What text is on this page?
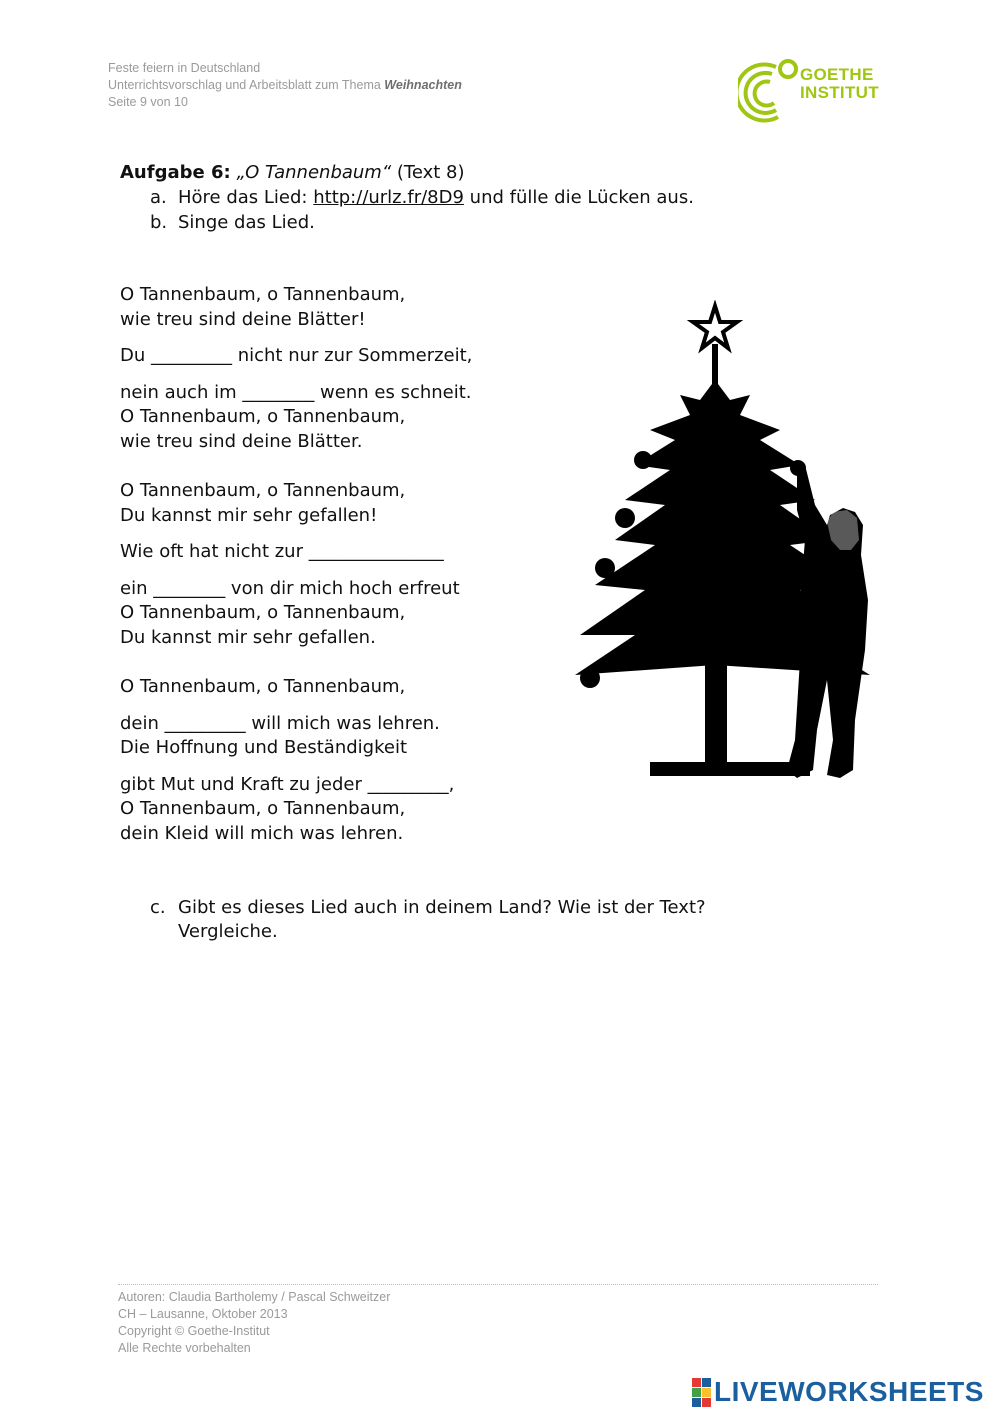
Feste feiern in Deutschland
Unterrichtsvorschlag und Arbeitsblatt zum Thema Weihnachten
Seite 9 von 10
GOETHE
INSTITUT
Aufgabe 6: „O Tannenbaum“ (Text 8)
a. Höre das Lied: http://urlz.fr/8D9 und fülle die Lücken aus.
b. Singe das Lied.
O Tannenbaum, o Tannenbaum,
wie treu sind deine Blätter!
Du _________ nicht nur zur Sommerzeit,
nein auch im ________ wenn es schneit.
O Tannenbaum, o Tannenbaum,
wie treu sind deine Blätter.
O Tannenbaum, o Tannenbaum,
Du kannst mir sehr gefallen!
Wie oft hat nicht zur _______________
ein ________ von dir mich hoch erfreut
O Tannenbaum, o Tannenbaum,
Du kannst mir sehr gefallen.
O Tannenbaum, o Tannenbaum,
dein _________ will mich was lehren.
Die Hoffnung und Beständigkeit
gibt Mut und Kraft zu jeder _________,
O Tannenbaum, o Tannenbaum,
dein Kleid will mich was lehren.
c. Gibt es dieses Lied auch in deinem Land? Wie ist der Text?
Vergleiche.
Autoren: Claudia Bartholemy / Pascal Schweitzer
CH – Lausanne, Oktober 2013
Copyright © Goethe-Institut
Alle Rechte vorbehalten
LIVEWORKSHEETS
